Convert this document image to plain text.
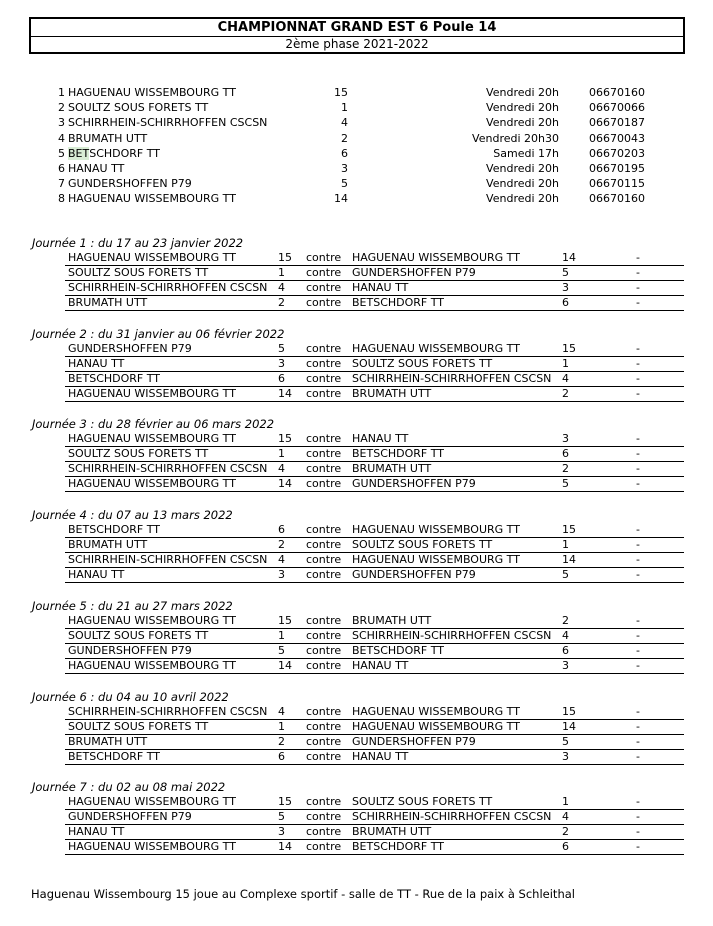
CHAMPIONNAT GRAND EST 6 Poule 14
2ème phase 2021-2022
1 HAGUENAU WISSEMBOURG TT	15	Vendredi 20h	06670160
2 SOULTZ SOUS FORETS TT	1	Vendredi 20h	06670066
3 SCHIRRHEIN-SCHIRRHOFFEN CSCSN	4	Vendredi 20h	06670187
4 BRUMATH UTT	2	Vendredi 20h30	06670043
5 BETSCHDORF TT	6	Samedi 17h	06670203
6 HANAU TT	3	Vendredi 20h	06670195
7 GUNDERSHOFFEN P79	5	Vendredi 20h	06670115
8 HAGUENAU WISSEMBOURG TT	14	Vendredi 20h	06670160
Journée 1 : du 17 au 23 janvier 2022
HAGUENAU WISSEMBOURG TT	15 contre HAGUENAU WISSEMBOURG TT	14	-
SOULTZ SOUS FORETS TT	1	contre GUNDERSHOFFEN P79	5	-
SCHIRRHEIN-SCHIRRHOFFEN CSCSN 4	contre HANAU TT	3	-
BRUMATH UTT	2	contre BETSCHDORF TT	6	-
Journée 2 : du 31 janvier au 06 février 2022
GUNDERSHOFFEN P79	5	contre HAGUENAU WISSEMBOURG TT	15	-
HANAU TT	3	contre SOULTZ SOUS FORETS TT	1	-
BETSCHDORF TT	6	contre SCHIRRHEIN-SCHIRRHOFFEN CSCSN 4	-
HAGUENAU WISSEMBOURG TT	14 contre BRUMATH UTT	2	-
Journée 3 : du 28 février au 06 mars 2022
HAGUENAU WISSEMBOURG TT	15 contre HANAU TT	3	-
SOULTZ SOUS FORETS TT	1	contre BETSCHDORF TT	6	-
SCHIRRHEIN-SCHIRRHOFFEN CSCSN 4	contre BRUMATH UTT	2	-
HAGUENAU WISSEMBOURG TT	14 contre GUNDERSHOFFEN P79	5	-
Journée 4 : du 07 au 13 mars 2022
BETSCHDORF TT	6	contre HAGUENAU WISSEMBOURG TT	15	-
BRUMATH UTT	2	contre SOULTZ SOUS FORETS TT	1	-
SCHIRRHEIN-SCHIRRHOFFEN CSCSN 4	contre HAGUENAU WISSEMBOURG TT	14	-
HANAU TT	3	contre GUNDERSHOFFEN P79	5	-
Journée 5 : du 21 au 27 mars 2022
HAGUENAU WISSEMBOURG TT	15 contre BRUMATH UTT	2	-
SOULTZ SOUS FORETS TT	1	contre SCHIRRHEIN-SCHIRRHOFFEN CSCSN 4	-
GUNDERSHOFFEN P79	5	contre BETSCHDORF TT	6	-
HAGUENAU WISSEMBOURG TT	14 contre HANAU TT	3	-
Journée 6 : du 04 au 10 avril 2022
SCHIRRHEIN-SCHIRRHOFFEN CSCSN 4	contre HAGUENAU WISSEMBOURG TT	15	-
SOULTZ SOUS FORETS TT	1	contre HAGUENAU WISSEMBOURG TT	14	-
BRUMATH UTT	2	contre GUNDERSHOFFEN P79	5	-
BETSCHDORF TT	6	contre HANAU TT	3	-
Journée 7 : du 02 au 08 mai 2022
HAGUENAU WISSEMBOURG TT	15 contre SOULTZ SOUS FORETS TT	1	-
GUNDERSHOFFEN P79	5	contre SCHIRRHEIN-SCHIRRHOFFEN CSCSN 4	-
HANAU TT	3	contre BRUMATH UTT	2	-
HAGUENAU WISSEMBOURG TT	14 contre BETSCHDORF TT	6	-
Haguenau Wissembourg 15 joue au Complexe sportif - salle de TT - Rue de la paix à Schleithal
